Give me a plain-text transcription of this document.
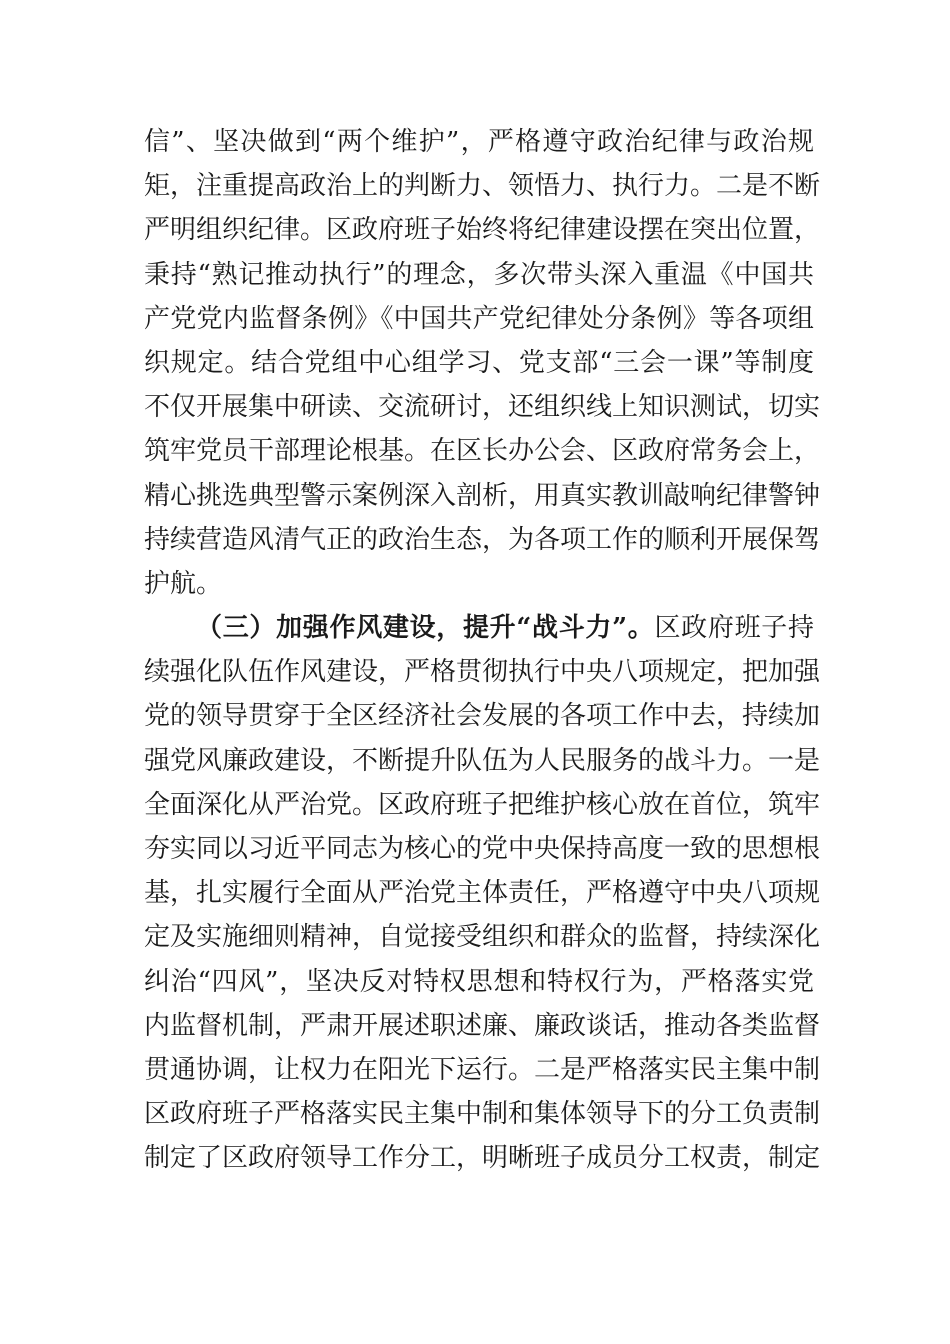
信”、坚决做到“两个维护”，严格遵守政治纪律与政治规
矩，注重提高政治上的判断力、领悟力、执行力。二是不断
严明组织纪律。区政府班子始终将纪律建设摆在突出位置，
秉持“熟记推动执行”的理念，多次带头深入重温《中国共
产党党内监督条例》《中国共产党纪律处分条例》等各项组
织规定。结合党组中心组学习、党支部“三会一课”等制度
不仅开展集中研读、交流研讨，还组织线上知识测试，切实
筑牢党员干部理论根基。在区长办公会、区政府常务会上，
精心挑选典型警示案例深入剖析，用真实教训敲响纪律警钟
持续营造风清气正的政治生态，为各项工作的顺利开展保驾
护航。
（三）加强作风建设，提升“战斗力”。区政府班子持
续强化队伍作风建设，严格贯彻执行中央八项规定，把加强
党的领导贯穿于全区经济社会发展的各项工作中去，持续加
强党风廉政建设，不断提升队伍为人民服务的战斗力。一是
全面深化从严治党。区政府班子把维护核心放在首位，筑牢
夯实同以习近平同志为核心的党中央保持高度一致的思想根
基，扎实履行全面从严治党主体责任，严格遵守中央八项规
定及实施细则精神，自觉接受组织和群众的监督，持续深化
纠治“四风”，坚决反对特权思想和特权行为，严格落实党
内监督机制，严肃开展述职述廉、廉政谈话，推动各类监督
贯通协调，让权力在阳光下运行。二是严格落实民主集中制
区政府班子严格落实民主集中制和集体领导下的分工负责制
制定了区政府领导工作分工，明晰班子成员分工权责，制定
